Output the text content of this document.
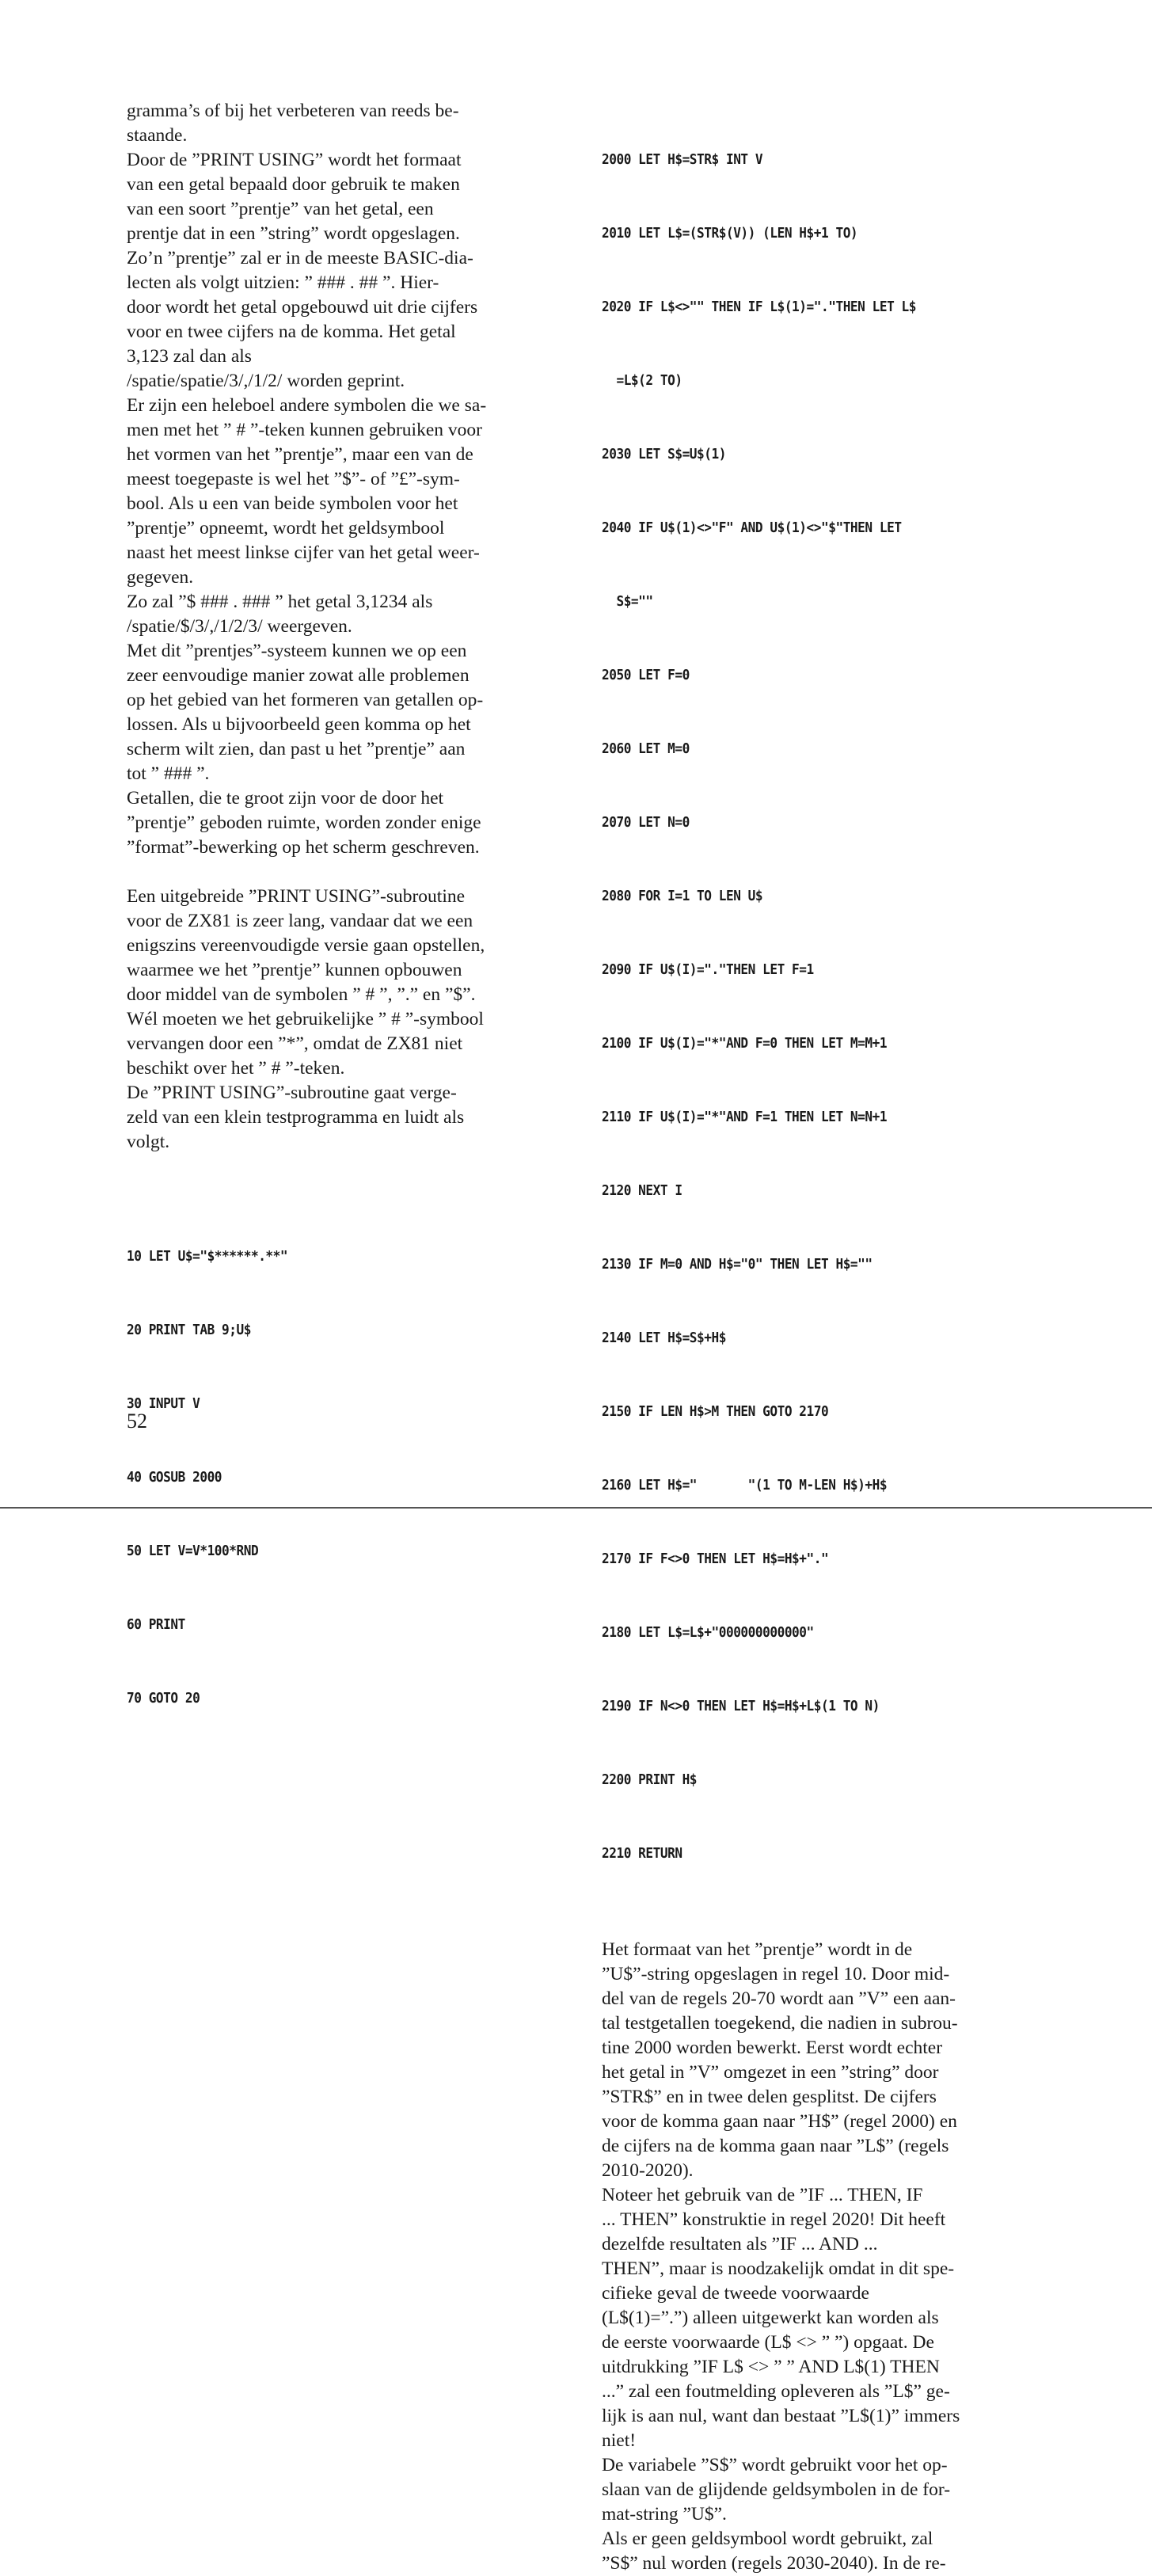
gramma’s of bij het verbeteren van reeds be-
staande.
Door de ”PRINT USING” wordt het formaat
van een getal bepaald door gebruik te maken
van een soort ”prentje” van het getal, een
prentje dat in een ”string” wordt opgeslagen.
Zo’n ”prentje” zal er in de meeste BASIC-dia-
lecten als volgt uitzien: ” ### . ## ”. Hier-
door wordt het getal opgebouwd uit drie cijfers
voor en twee cijfers na de komma. Het getal
3,123 zal dan als
/spatie/spatie/3/,/1/2/ worden geprint.
Er zijn een heleboel andere symbolen die we sa-
men met het ” # ”-teken kunnen gebruiken voor
het vormen van het ”prentje”, maar een van de
meest toegepaste is wel het ”$”- of ”£”-sym-
bool. Als u een van beide symbolen voor het
”prentje” opneemt, wordt het geldsymbool
naast het meest linkse cijfer van het getal weer-
gegeven.
Zo zal ”$ ### . ### ” het getal 3,1234 als
/spatie/$/3/,/1/2/3/ weergeven.
Met dit ”prentjes”-systeem kunnen we op een
zeer eenvoudige manier zowat alle problemen
op het gebied van het formeren van getallen op-
lossen. Als u bijvoorbeeld geen komma op het
scherm wilt zien, dan past u het ”prentje” aan
tot ” ### ”.
Getallen, die te groot zijn voor de door het
”prentje” geboden ruimte, worden zonder enige
”format”-bewerking op het scherm geschreven.

Een uitgebreide ”PRINT USING”-subroutine
voor de ZX81 is zeer lang, vandaar dat we een
enigszins vereenvoudigde versie gaan opstellen,
waarmee we het ”prentje” kunnen opbouwen
door middel van de symbolen ” # ”, ”.” en ”$”.
Wél moeten we het gebruikelijke ” # ”-symbool
vervangen door een ”*”, omdat de ZX81 niet
beschikt over het ” # ”-teken.
De ”PRINT USING”-subroutine gaat verge-
zeld van een klein testprogramma en luidt als
volgt.

10 LET U$="$******.**"

20 PRINT TAB 9;U$

30 INPUT V

40 GOSUB 2000

50 LET V=V*100*RND

60 PRINT

70 GOTO 20

2000 LET H$=STR$ INT V

2010 LET L$=(STR$(V)) (LEN H$+1 TO)

2020 IF L$<>"" THEN IF L$(1)="."THEN LET L$

=L$(2 TO)

2030 LET S$=U$(1)

2040 IF U$(1)<>"F" AND U$(1)<>"$"THEN LET

S$=""

2050 LET F=0

2060 LET M=0

2070 LET N=0

2080 FOR I=1 TO LEN U$

2090 IF U$(I)="."THEN LET F=1

2100 IF U$(I)="*"AND F=0 THEN LET M=M+1

2110 IF U$(I)="*"AND F=1 THEN LET N=N+1

2120 NEXT I

2130 IF M=0 AND H$="0" THEN LET H$=""

2140 LET H$=S$+H$

2150 IF LEN H$>M THEN GOTO 2170

2160 LET H$="       "(1 TO M-LEN H$)+H$

2170 IF F<>0 THEN LET H$=H$+"."

2180 LET L$=L$+"000000000000"

2190 IF N<>0 THEN LET H$=H$+L$(1 TO N)

2200 PRINT H$

2210 RETURN

Het formaat van het ”prentje” wordt in de
”U$”-string opgeslagen in regel 10. Door mid-
del van de regels 20-70 wordt aan ”V” een aan-
tal testgetallen toegekend, die nadien in subrou-
tine 2000 worden bewerkt. Eerst wordt echter
het getal in ”V” omgezet in een ”string” door
”STR$” en in twee delen gesplitst. De cijfers
voor de komma gaan naar ”H$” (regel 2000) en
de cijfers na de komma gaan naar ”L$” (regels
2010-2020).
Noteer het gebruik van de ”IF ... THEN, IF
... THEN” konstruktie in regel 2020! Dit heeft
dezelfde resultaten als ”IF ... AND ...
THEN”, maar is noodzakelijk omdat in dit spe-
cifieke geval de tweede voorwaarde
(L$(1)=”.”) alleen uitgewerkt kan worden als
de eerste voorwaarde (L$ <> ” ”) opgaat. De
uitdrukking ”IF L$ <> ” ” AND L$(1) THEN
...” zal een foutmelding opleveren als ”L$” ge-
lijk is aan nul, want dan bestaat ”L$(1)” immers
niet!
De variabele ”S$” wordt gebruikt voor het op-
slaan van de glijdende geldsymbolen in de for-
mat-string ”U$”.
Als er geen geldsymbool wordt gebruikt, zal
”S$” nul worden (regels 2030-2040). In de re-

52
